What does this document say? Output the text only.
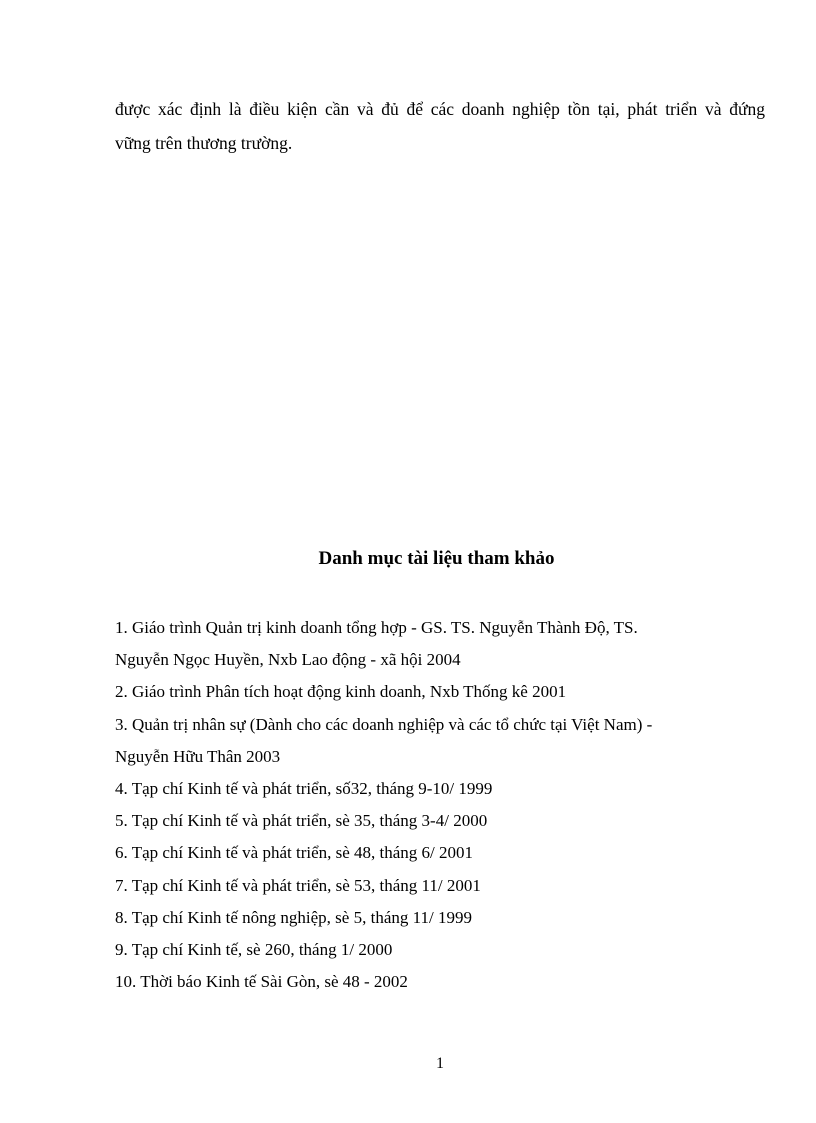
được xác định là điều kiện cần và đủ để các doanh nghiệp tồn tại, phát triển và đứng
vững trên thương trường.

Danh mục tài liệu tham khảo
1. Giáo trình Quản trị kinh doanh tổng hợp - GS. TS. Nguyễn Thành Độ, TS.
Nguyễn Ngọc Huyền, Nxb Lao động - xã hội 2004
2. Giáo trình Phân tích hoạt động kinh doanh, Nxb Thống kê 2001
3. Quản trị nhân sự (Dành cho các doanh nghiệp và các tổ chức tại Việt Nam) -
Nguyễn Hữu Thân 2003
4. Tạp chí Kinh tế và phát triển, số32, tháng 9-10/ 1999
5. Tạp chí Kinh tế và phát triển, sè 35, tháng 3-4/ 2000
6. Tạp chí Kinh tế và phát triển, sè 48, tháng 6/ 2001
7. Tạp chí Kinh tế và phát triển, sè 53, tháng 11/ 2001
8. Tạp chí Kinh tế nông nghiệp, sè 5, tháng 11/ 1999
9. Tạp chí Kinh tế, sè 260, tháng 1/ 2000
10. Thời báo Kinh tế Sài Gòn, sè 48 - 2002

1
